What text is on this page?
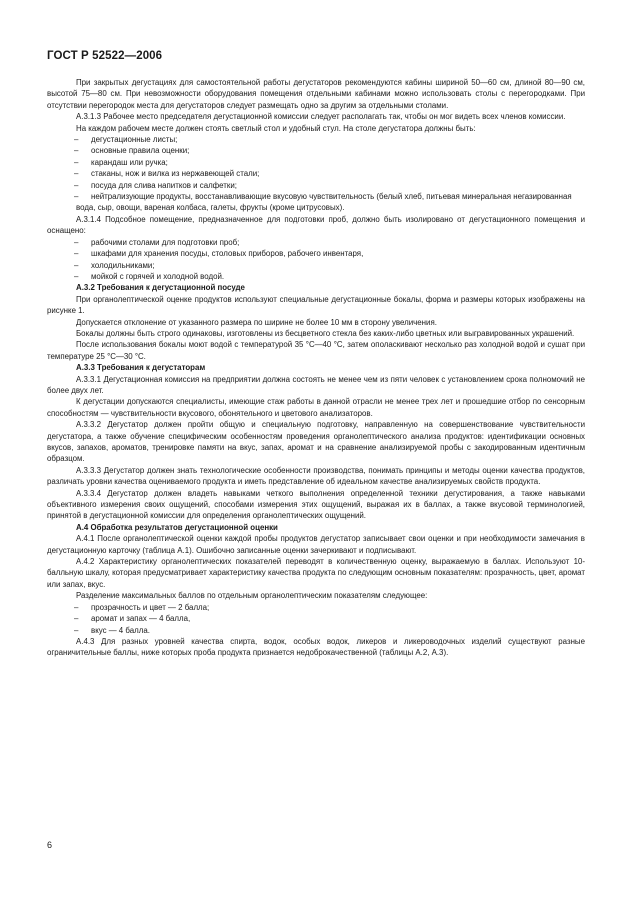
ГОСТ Р 52522—2006

При закрытых дегустациях для самостоятельной работы дегустаторов рекомендуются кабины шириной 50—60 см, длиной 80—90 см, высотой 75—80 см. При невозможности оборудования помещения отдельными кабинами можно использовать столы с перегородками. При отсутствии перегородок места для дегустаторов следует размещать одно за другим за отдельными столами.

А.3.1.3 Рабочее место председателя дегустационной комиссии следует располагать так, чтобы он мог видеть всех членов комиссии.

На каждом рабочем месте должен стоять светлый стол и удобный стул. На столе дегустатора должны быть:

– дегустационные листы;
– основные правила оценки;
– карандаш или ручка;
– стаканы, нож и вилка из нержавеющей стали;
– посуда для слива напитков и салфетки;
– нейтрализующие продукты, восстанавливающие вкусовую чувствительность (белый хлеб, питьевая минеральная негазированная вода, сыр, овощи, вареная колбаса, галеты, фрукты (кроме цитрусовых).

А.3.1.4 Подсобное помещение, предназначенное для подготовки проб, должно быть изолировано от дегустационного помещения и оснащено:

– рабочими столами для подготовки проб;
– шкафами для хранения посуды, столовых приборов, рабочего инвентаря,
– холодильниками;
– мойкой с горячей и холодной водой.

А.3.2 Требования к дегустационной посуде

При органолептической оценке продуктов используют специальные дегустационные бокалы, форма и размеры которых изображены на рисунке 1.

Допускается отклонение от указанного размера по ширине не более 10 мм в сторону увеличения.

Бокалы должны быть строго одинаковы, изготовлены из бесцветного стекла без каких-либо цветных или выгравированных украшений.

После использования бокалы моют водой с температурой 35 °С—40 °С, затем ополаскивают несколько раз холодной водой и сушат при температуре 25 °С—30 °С.

А.3.3 Требования к дегустаторам

А.3.3.1 Дегустационная комиссия на предприятии должна состоять не менее чем из пяти человек с установлением срока полномочий не более двух лет.

К дегустации допускаются специалисты, имеющие стаж работы в данной отрасли не менее трех лет и прошедшие отбор по сенсорным способностям — чувствительности вкусового, обонятельного и цветового анализаторов.

А.3.3.2 Дегустатор должен пройти общую и специальную подготовку, направленную на совершенствование чувствительности дегустатора, а также обучение специфическим особенностям проведения органолептического анализа продуктов: идентификации основных вкусов, запахов, ароматов, тренировке памяти на вкус, запах, аромат и на сравнение анализируемой пробы с закодированным идентичным образцом.

А.3.3.3 Дегустатор должен знать технологические особенности производства, понимать принципы и методы оценки качества продуктов, различать уровни качества оцениваемого продукта и иметь представление об идеальном качестве анализируемых свойств продукта.

А.3.3.4 Дегустатор должен владеть навыками четкого выполнения определенной техники дегустирования, а также навыками объективного измерения своих ощущений, способами измерения этих ощущений, выражая их в баллах, а также вкусовой терминологией, принятой в дегустационной комиссии для определения органолептических ощущений.

А.4 Обработка результатов дегустационной оценки

А.4.1 После органолептической оценки каждой пробы продуктов дегустатор записывает свои оценки и при необходимости замечания в дегустационную карточку (таблица А.1). Ошибочно записанные оценки зачеркивают и подписывают.

А.4.2 Характеристику органолептических показателей переводят в количественную оценку, выражаемую в баллах. Используют 10-балльную шкалу, которая предусматривает характеристику качества продукта по следующим основным показателям: прозрачность, цвет, аромат или запах, вкус.

Разделение максимальных баллов по отдельным органолептическим показателям следующее:

– прозрачность и цвет — 2 балла;
– аромат и запах — 4 балла,
– вкус — 4 балла.

А.4.3 Для разных уровней качества спирта, водок, особых водок, ликеров и ликероводочных изделий существуют разные ограничительные баллы, ниже которых проба продукта признается недоброкачественной (таблицы А.2, А.3).

6
